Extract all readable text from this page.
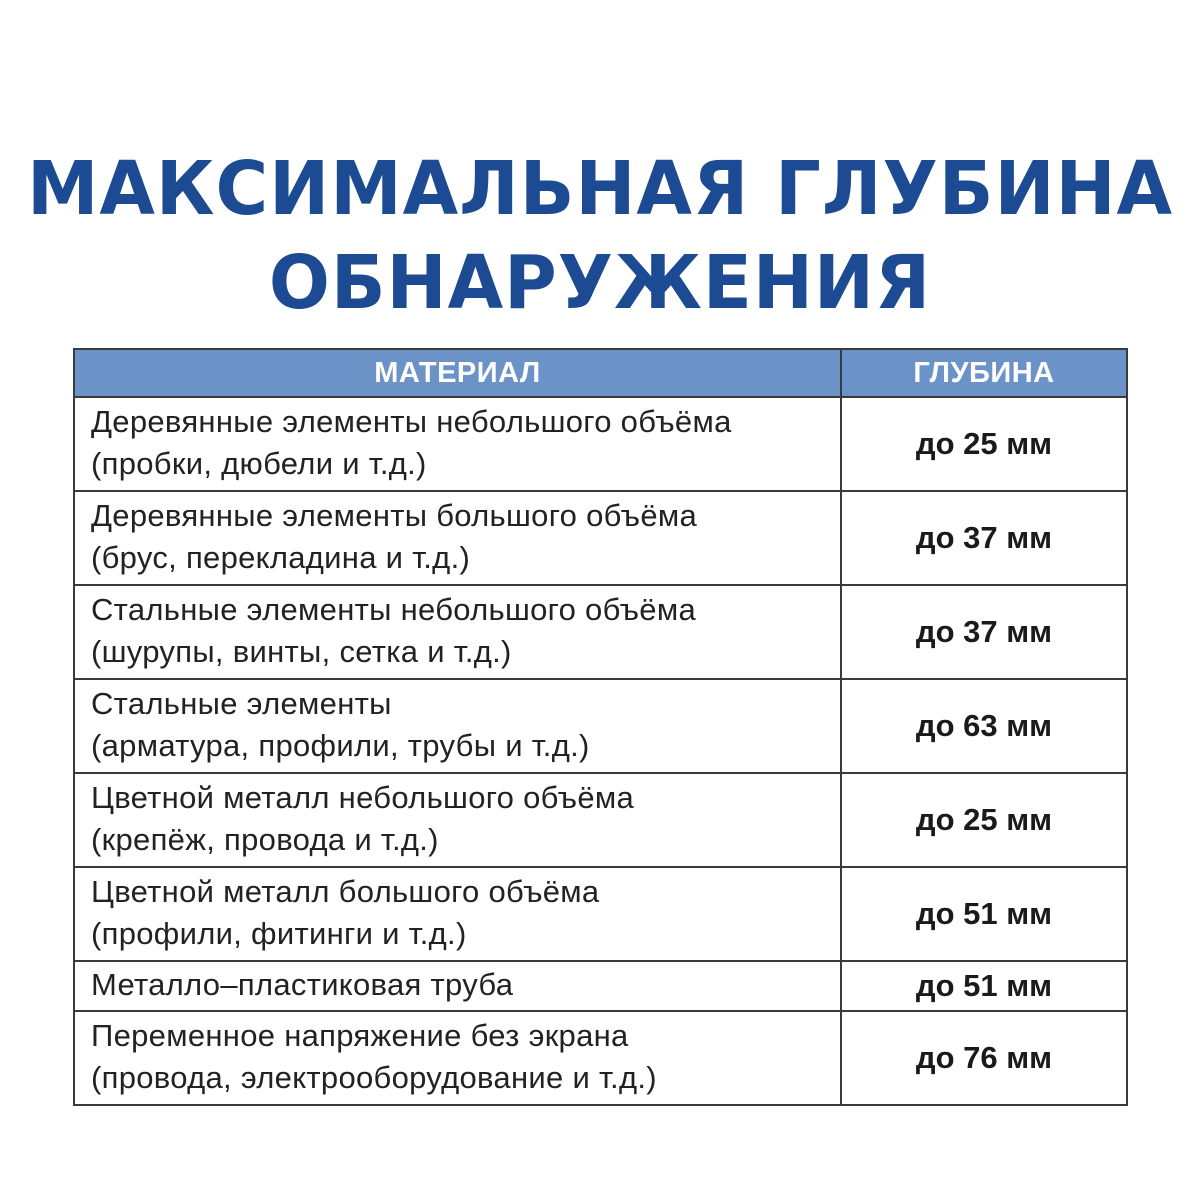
МАКСИМАЛЬНАЯ ГЛУБИНА
ОБНАРУЖЕНИЯ
МАТЕРИАЛ	ГЛУБИНА

Деревянные элементы небольшого объёма
(пробки, дюбели и т.д.)	до 25 мм

Деревянные элементы большого объёма
(брус, перекладина и т.д.)	до 37 мм

Стальные элементы небольшого объёма
(шурупы, винты, сетка и т.д.)	до 37 мм

Стальные элементы
(арматура, профили, трубы и т.д.)	до 63 мм

Цветной металл небольшого объёма
(крепёж, провода и т.д.)	до 25 мм

Цветной металл большого объёма
(профили, фитинги и т.д.)	до 51 мм

Металло–пластиковая труба	до 51 мм

Переменное напряжение без экрана
(провода, электрооборудование и т.д.)	до 76 мм
